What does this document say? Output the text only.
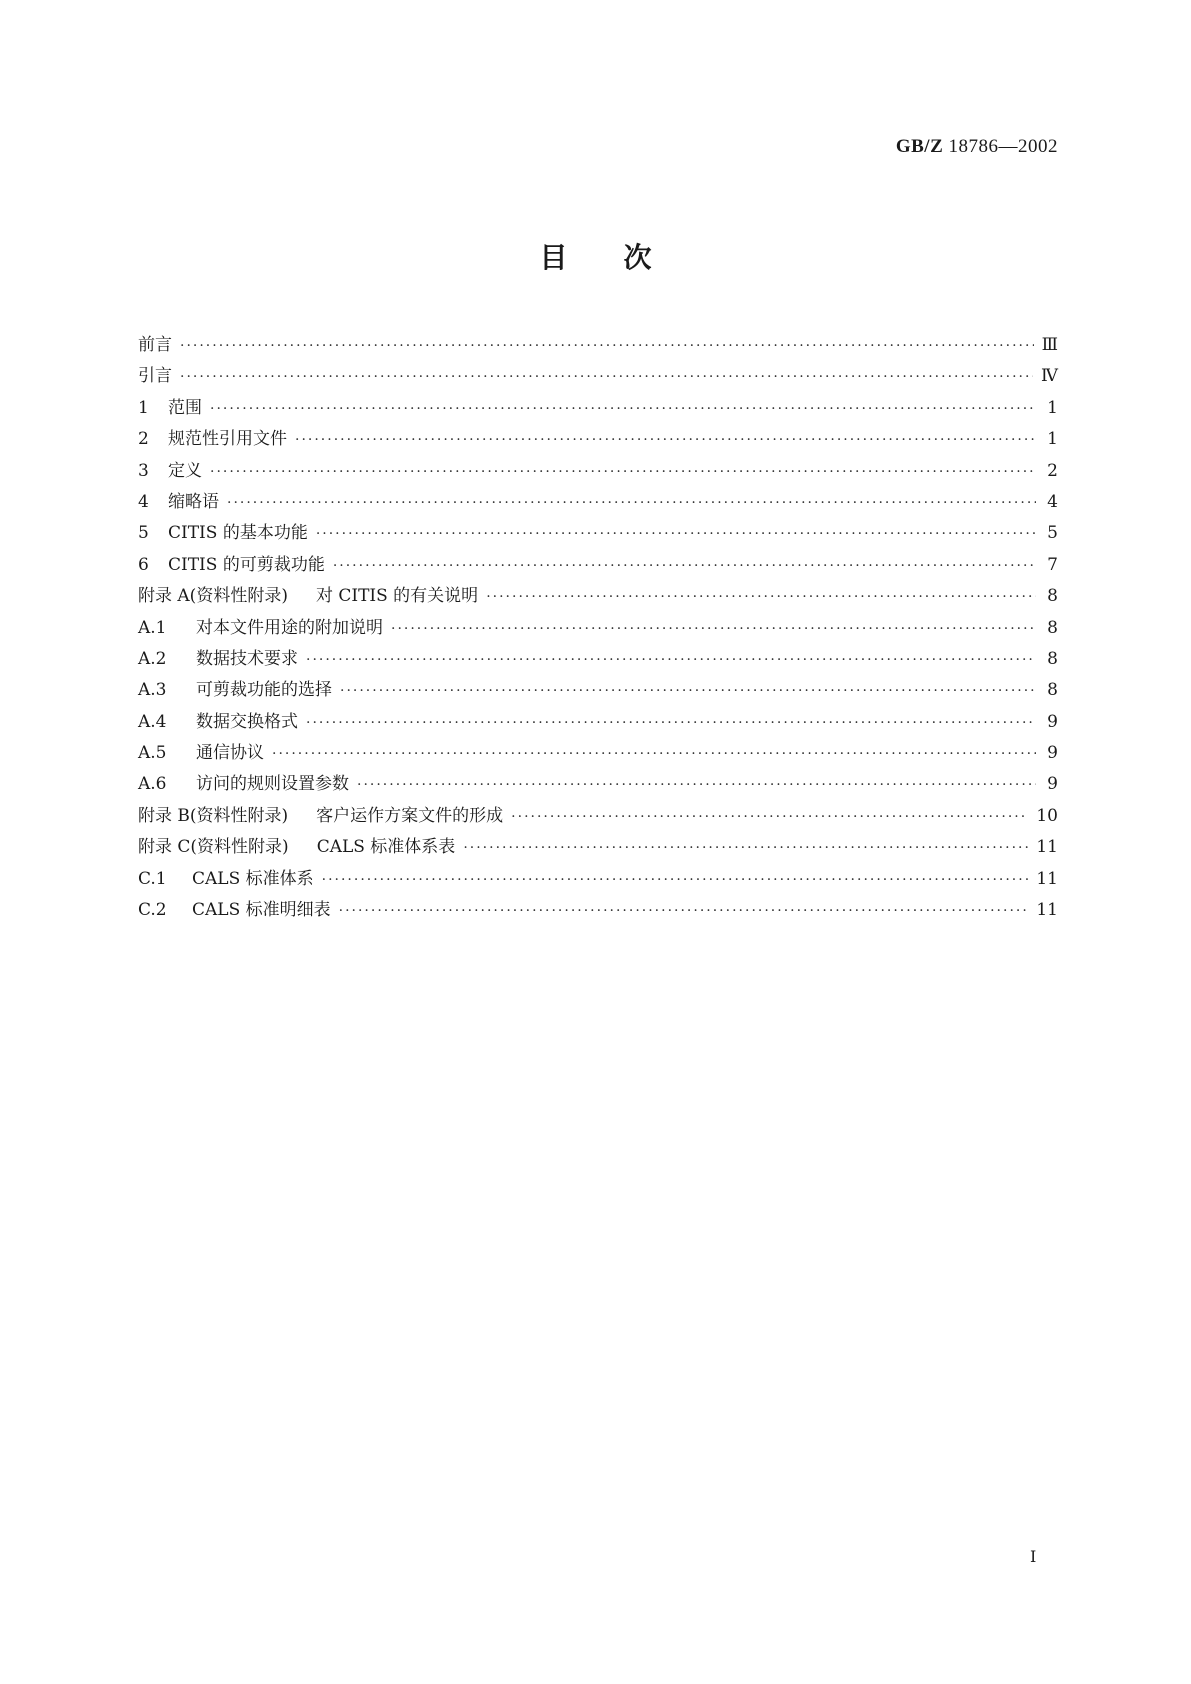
GB/Z 18786—2002
目次
前言 ·····	Ⅲ
引言 ·····	Ⅳ
1	范围 ·····	1
2	规范性引用文件 ·····	1
3	定义 ·····	2
4	缩略语 ·····	4
5	CITIS 的基本功能 ·····	5
6	CITIS 的可剪裁功能 ·····	7
附录 A(资料性附录) 对 CITIS 的有关说明 ·····	8
A.1	对本文件用途的附加说明 ·····	8
A.2	数据技术要求 ·····	8
A.3	可剪裁功能的选择 ·····	8
A.4	数据交换格式 ·····	9
A.5	通信协议 ·····	9
A.6	访问的规则设置参数 ·····	9
附录 B(资料性附录) 客户运作方案文件的形成 ·····	10
附录 C(资料性附录) CALS 标准体系表 ·····	11
C.1	CALS 标准体系 ·····	11
C.2	CALS 标准明细表 ·····	11
I
